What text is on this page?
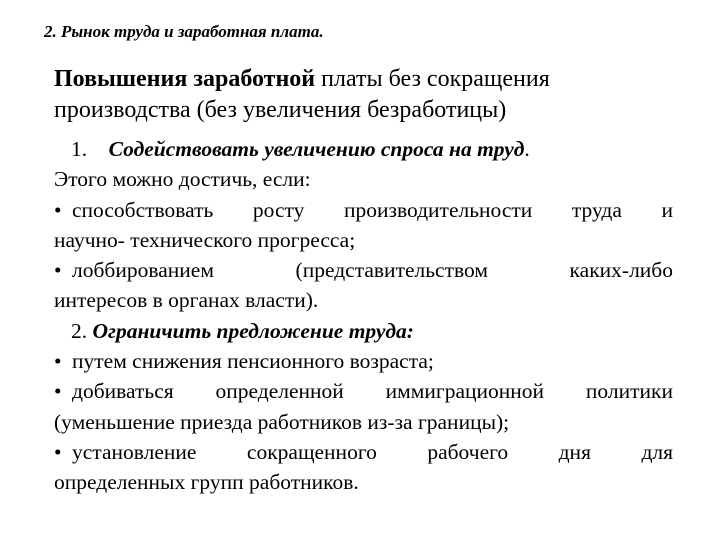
2. Рынок труда и заработная плата.
Повышения заработной платы без сокращения
производства (без увеличения безработицы)
1. Содействовать увеличению спроса на труд.
Этого можно достичь, если:
• способствовать росту производительности труда и
научно- технического прогресса;
• лоббированием (представительством каких-либо
интересов в органах власти).
2. Ограничить предложение труда:
• путем снижения пенсионного возраста;
• добиваться определенной иммиграционной политики
(уменьшение приезда работников из-за границы);
• установление сокращенного рабочего дня для
определенных групп работников.
